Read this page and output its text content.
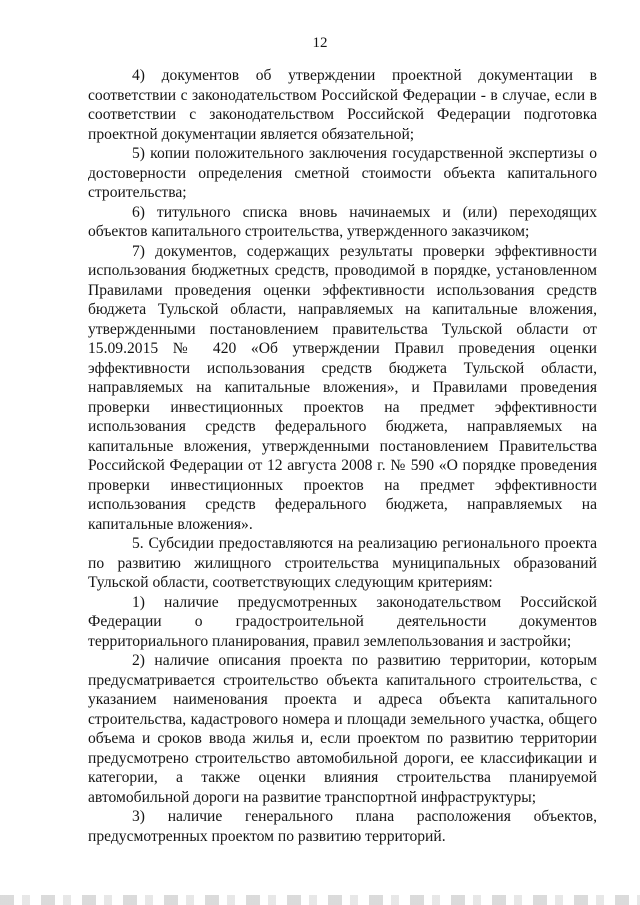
12

4) документов об утверждении проектной документации в соответствии с законодательством Российской Федерации - в случае, если в соответствии с законодательством Российской Федерации подготовка проектной документации является обязательной;

5) копии положительного заключения государственной экспертизы о достоверности определения сметной стоимости объекта капитального строительства;

6) титульного списка вновь начинаемых и (или) переходящих объектов капитального строительства, утвержденного заказчиком;

7) документов, содержащих результаты проверки эффективности использования бюджетных средств, проводимой в порядке, установленном Правилами проведения оценки эффективности использования средств бюджета Тульской области, направляемых на капитальные вложения, утвержденными постановлением правительства Тульской области от 15.09.2015 № 420 «Об утверждении Правил проведения оценки эффективности использования средств бюджета Тульской области, направляемых на капитальные вложения», и Правилами проведения проверки инвестиционных проектов на предмет эффективности использования средств федерального бюджета, направляемых на капитальные вложения, утвержденными постановлением Правительства Российской Федерации от 12 августа 2008 г. № 590 «О порядке проведения проверки инвестиционных проектов на предмет эффективности использования средств федерального бюджета, направляемых на капитальные вложения».

5. Субсидии предоставляются на реализацию регионального проекта по развитию жилищного строительства муниципальных образований Тульской области, соответствующих следующим критериям:

1) наличие предусмотренных законодательством Российской Федерации о градостроительной деятельности документов территориального планирования, правил землепользования и застройки;

2) наличие описания проекта по развитию территории, которым предусматривается строительство объекта капитального строительства, с указанием наименования проекта и адреса объекта капитального строительства, кадастрового номера и площади земельного участка, общего объема и сроков ввода жилья и, если проектом по развитию территории предусмотрено строительство автомобильной дороги, ее классификации и категории, а также оценки влияния строительства планируемой автомобильной дороги на развитие транспортной инфраструктуры;

3) наличие генерального плана расположения объектов, предусмотренных проектом по развитию территорий.
